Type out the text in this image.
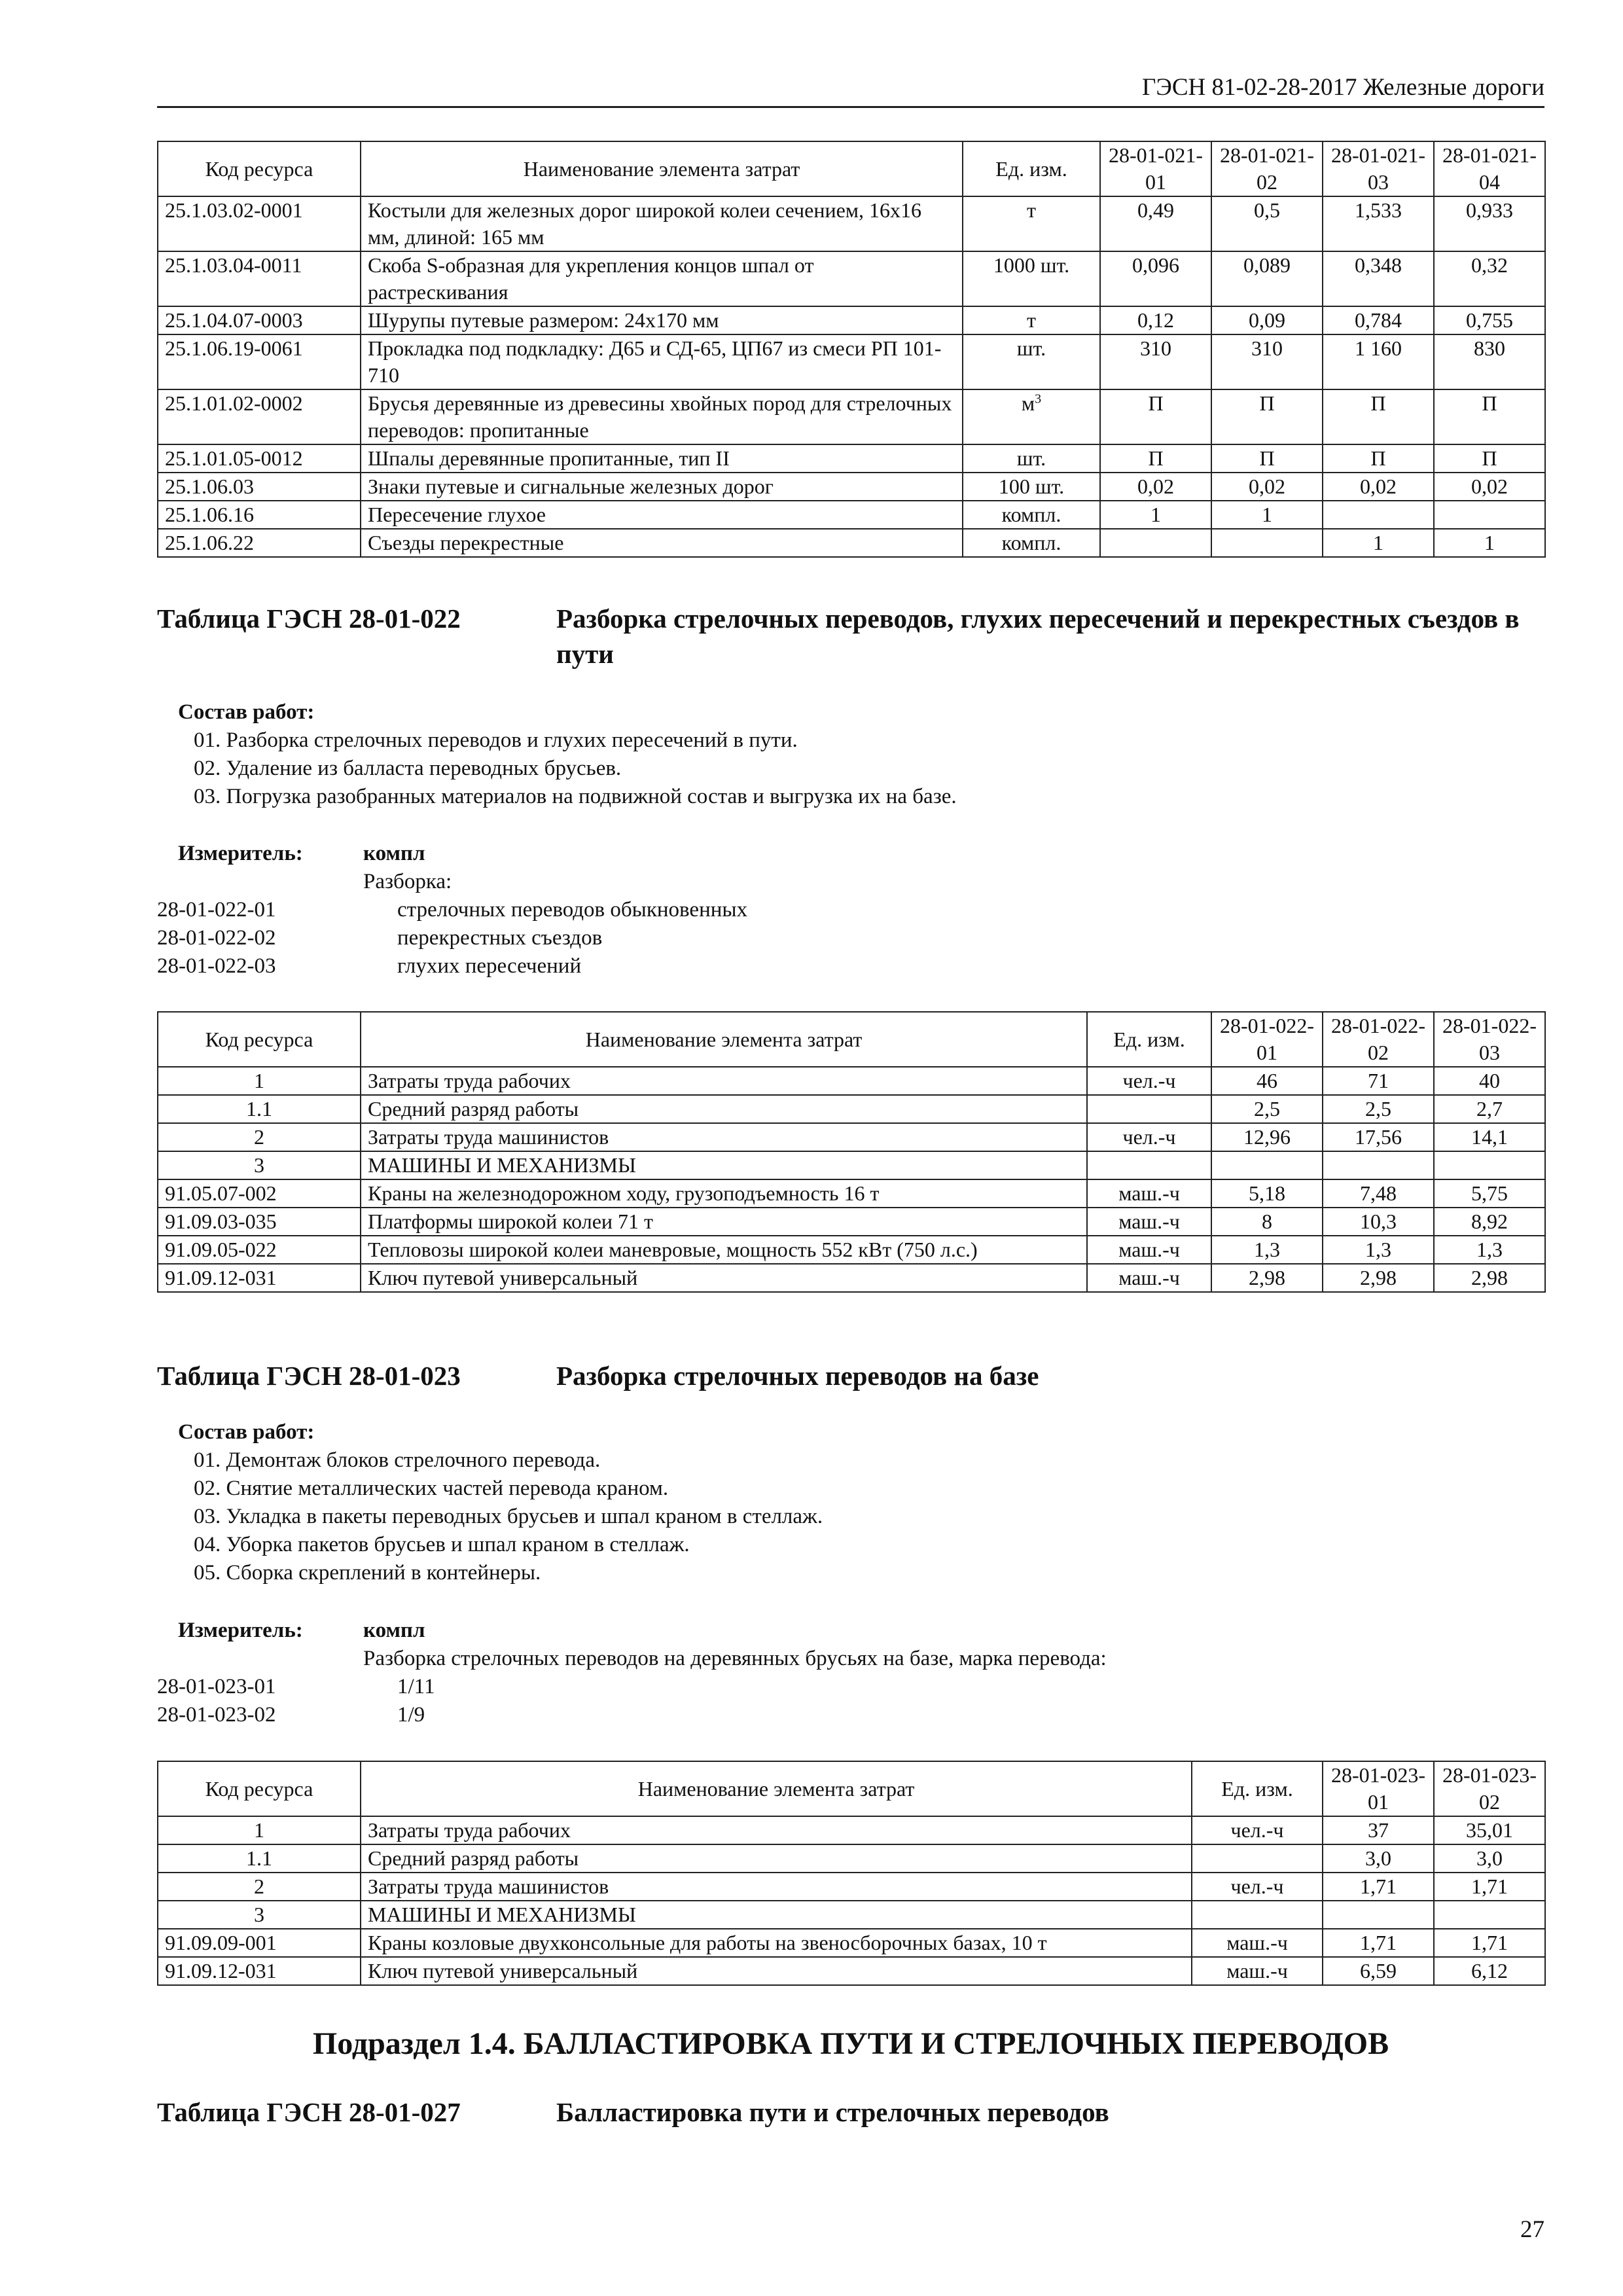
ГЭСН 81-02-28-2017 Железные дороги
Код ресурса	Наименование элемента затрат	Ед. изм.	28-01-021-01	28-01-021-02	28-01-021-03	28-01-021-04
25.1.03.02-0001	Костыли для железных дорог широкой колеи сечением, 16х16 мм, длиной: 165 мм	т	0,49	0,5	1,533	0,933
25.1.03.04-0011	Скоба S-образная для укрепления концов шпал от растрескивания	1000 шт.	0,096	0,089	0,348	0,32
25.1.04.07-0003	Шурупы путевые размером: 24х170 мм	т	0,12	0,09	0,784	0,755
25.1.06.19-0061	Прокладка под подкладку: Д65 и СД-65, ЦП67 из смеси РП 101-710	шт.	310	310	1 160	830
25.1.01.02-0002	Брусья деревянные из древесины хвойных пород для стрелочных переводов: пропитанные	$м^3$	П	П	П	П
25.1.01.05-0012	Шпалы деревянные пропитанные, тип II	шт.	П	П	П	П
25.1.06.03	Знаки путевые и сигнальные железных дорог	100 шт.	0,02	0,02	0,02	0,02
25.1.06.16	Пересечение глухое	компл.	1	1		
25.1.06.22	Съезды перекрестные	компл.			1	1
Таблица ГЭСН 28-01-022	Разборка стрелочных переводов, глухих пересечений и перекрестных съездов в пути
Состав работ:
01. Разборка стрелочных переводов и глухих пересечений в пути.
02. Удаление из балласта переводных брусьев.
03. Погрузка разобранных материалов на подвижной состав и выгрузка их на базе.
Измеритель:	компл
Разборка:
28-01-022-01	стрелочных переводов обыкновенных
28-01-022-02	перекрестных съездов
28-01-022-03	глухих пересечений
Код ресурса	Наименование элемента затрат	Ед. изм.	28-01-022-01	28-01-022-02	28-01-022-03
1	Затраты труда рабочих	чел.-ч	46	71	40
1.1	Средний разряд работы		2,5	2,5	2,7
2	Затраты труда машинистов	чел.-ч	12,96	17,56	14,1
3	МАШИНЫ И МЕХАНИЗМЫ				
91.05.07-002	Краны на железнодорожном ходу, грузоподъемность 16 т	маш.-ч	5,18	7,48	5,75
91.09.03-035	Платформы широкой колеи 71 т	маш.-ч	8	10,3	8,92
91.09.05-022	Тепловозы широкой колеи маневровые, мощность 552 кВт (750 л.с.)	маш.-ч	1,3	1,3	1,3
91.09.12-031	Ключ путевой универсальный	маш.-ч	2,98	2,98	2,98
Таблица ГЭСН 28-01-023	Разборка стрелочных переводов на базе
Состав работ:
01. Демонтаж блоков стрелочного перевода.
02. Снятие металлических частей перевода краном.
03. Укладка в пакеты переводных брусьев и шпал краном в стеллаж.
04. Уборка пакетов брусьев и шпал краном в стеллаж.
05. Сборка скреплений в контейнеры.
Измеритель:	компл
Разборка стрелочных переводов на деревянных брусьях на базе, марка перевода:
28-01-023-01	1/11
28-01-023-02	1/9
Код ресурса	Наименование элемента затрат	Ед. изм.	28-01-023-01	28-01-023-02
1	Затраты труда рабочих	чел.-ч	37	35,01
1.1	Средний разряд работы		3,0	3,0
2	Затраты труда машинистов	чел.-ч	1,71	1,71
3	МАШИНЫ И МЕХАНИЗМЫ			
91.09.09-001	Краны козловые двухконсольные для работы на звеносборочных базах, 10 т	маш.-ч	1,71	1,71
91.09.12-031	Ключ путевой универсальный	маш.-ч	6,59	6,12
Подраздел 1.4. БАЛЛАСТИРОВКА ПУТИ И СТРЕЛОЧНЫХ ПЕРЕВОДОВ
Таблица ГЭСН 28-01-027	Балластировка пути и стрелочных переводов
27
